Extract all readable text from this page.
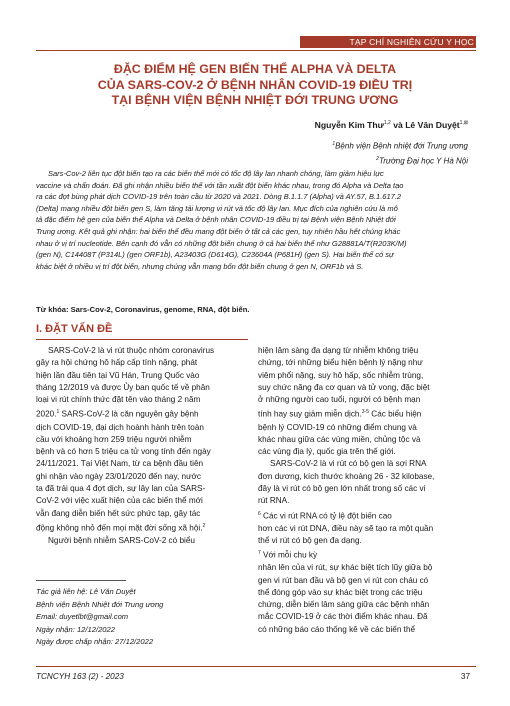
TẠP CHÍ NGHIÊN CỨU Y HỌC
ĐẶC ĐIỂM HỆ GEN BIẾN THỂ ALPHA VÀ DELTA
CỦA SARS-COV-2 Ở BỆNH NHÂN COVID-19 ĐIỀU TRỊ
TẠI BỆNH VIỆN BỆNH NHIỆT ĐỚI TRUNG ƯƠNG
Nguyễn Kim Thư$^{1,2}$ và Lê Văn Duyệt$^{1,⊠}$
$^1$Bệnh viện Bệnh nhiệt đới Trung ương
$^2$Trường Đại học Y Hà Nội
Sars-Cov-2 liên tục đột biến tạo ra các biến thể mới có tốc độ lây lan nhanh chóng, làm giảm hiệu lực
vaccine và chẩn đoán. Đã ghi nhận nhiều biến thể với tần xuất đột biến khác nhau, trong đó Alpha và Delta tạo
ra các đợt bùng phát dịch COVID-19 trên toàn cầu từ 2020 và 2021. Dòng B.1.1.7 (Alpha) và AY.57, B.1.617.2
(Delta) mang nhiều đột biến gen S, làm tăng tải lượng vi rút và tốc độ lây lan. Mục đích của nghiên cứu là mô
tả đặc điểm hệ gen của biến thể Alpha và Delta ở bệnh nhân COVID-19 điều trị tại Bệnh viện Bệnh Nhiệt đới
Trung ương. Kết quả ghi nhận: hai biến thể đều mang đột biến ở tất cả các gen, tuy nhiên hầu hết chúng khác
nhau ở vị trí nucleotide. Bên cạnh đó vẫn có những đột biến chung ở cả hai biến thể như G28881A/T(R203K/M)
(gen N), C14408T (P314L) (gen ORF1b), A23403G (D614G), C23604A (P681H) (gen S). Hai biến thể có sự
khác biệt ở nhiều vị trí đột biến, nhưng chúng vẫn mang bốn đột biến chung ở gen N, ORF1b và S.
Từ khóa: Sars-Cov-2, Coronavirus, genome, RNA, đột biến.
I. ĐẶT VẤN ĐỀ
SARS-CoV-2 là vi rút thuộc nhóm coronavirus
gây ra hội chứng hô hấp cấp tính nặng, phát
hiện lần đầu tiên tại Vũ Hán, Trung Quốc vào
tháng 12/2019 và được Ủy ban quốc tế về phân
loại vi rút chính thức đặt tên vào tháng 2 năm
2020.$^1$ SARS-CoV-2 là căn nguyên gây bệnh
dịch COVID-19, đại dịch hoành hành trên toàn
cầu với khoảng hơn 259 triệu người nhiễm
bệnh và có hơn 5 triệu ca tử vong tính đến ngày
24/11/2021. Tại Việt Nam, từ ca bệnh đầu tiên
ghi nhận vào ngày 23/01/2020 đến nay, nước
ta đã trải qua 4 đợt dịch, sự lây lan của SARS-
CoV-2 với việc xuất hiện của các biến thể mới
vẫn đang diễn biến hết sức phức tạp, gây tác
động không nhỏ đến mọi mặt đời sống xã hội.$^2$
Người bệnh nhiễm SARS-CoV-2 có biểu
hiện lâm sàng đa dạng từ nhiễm không triệu
chứng, tới những biểu hiện bệnh lý nặng như
viêm phổi nặng, suy hô hấp, sốc nhiễm trùng,
suy chức năng đa cơ quan và tử vong, đặc biệt
ở những người cao tuổi, người có bệnh mạn
tính hay suy giảm miễn dịch.$^{3-5}$ Các biểu hiện
bệnh lý COVID-19 có những điểm chung và
khác nhau giữa các vùng miền, chủng tộc và
các vùng địa lý, quốc gia trên thế giới.
SARS-CoV-2 là vi rút có bộ gen là sợi RNA
đơn dương, kích thước khoảng 26 - 32 kilobase,
đây là vi rút có bộ gen lớn nhất trong số các vi
rút RNA.
$^6$ Các vi rút RNA có tỷ lệ đột biến cao
hơn các vi rút DNA, điều này sẽ tạo ra một quần
thể vi rút có bộ gen đa dạng.
$^7$ Với mỗi chu kỳ
nhân lên của vi rút, sự khác biệt tích lũy giữa bộ
gen vi rút ban đầu và bộ gen vi rút con cháu có
thể đóng góp vào sự khác biệt trong các triệu
chứng, diễn biến lâm sàng giữa các bệnh nhân
mắc COVID-19 ở các thời điểm khác nhau. Đã
có những báo cáo thống kê về các biến thể
Tác giả liên hệ: Lê Văn Duyệt
Bệnh viện Bệnh Nhiệt đới Trung ương
Email: duyetlbt@gmail.com
Ngày nhận: 12/12/2022
Ngày được chấp nhận: 27/12/2022
TCNCYH 163 (2) - 2023	37
